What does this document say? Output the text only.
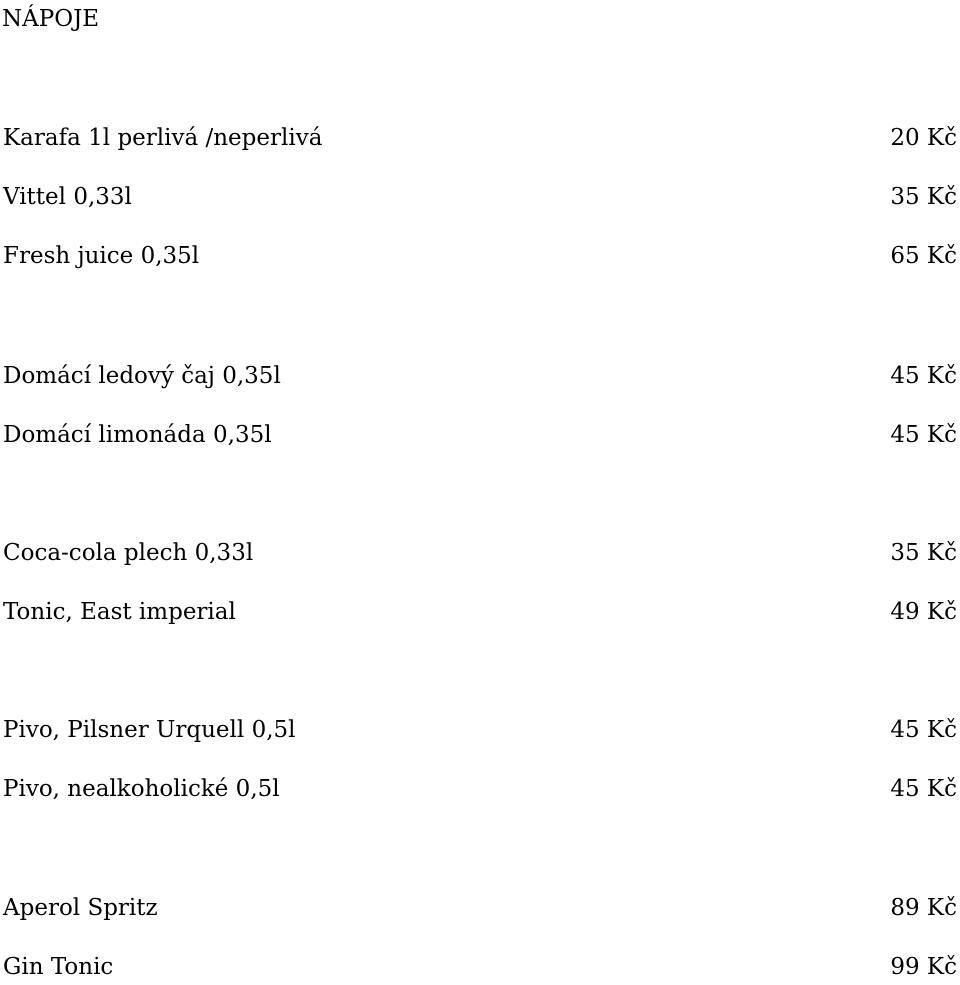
NÁPOJE
Karafa 1l perlivá /neperlivá	20 Kč
Vittel 0,33l	35 Kč
Fresh juice 0,35l	65 Kč
Domácí ledový čaj 0,35l	45 Kč
Domácí limonáda 0,35l	45 Kč
Coca-cola plech 0,33l	35 Kč
Tonic, East imperial	49 Kč
Pivo, Pilsner Urquell 0,5l	45 Kč
Pivo, nealkoholické 0,5l	45 Kč
Aperol Spritz	89 Kč
Gin Tonic	99 Kč
